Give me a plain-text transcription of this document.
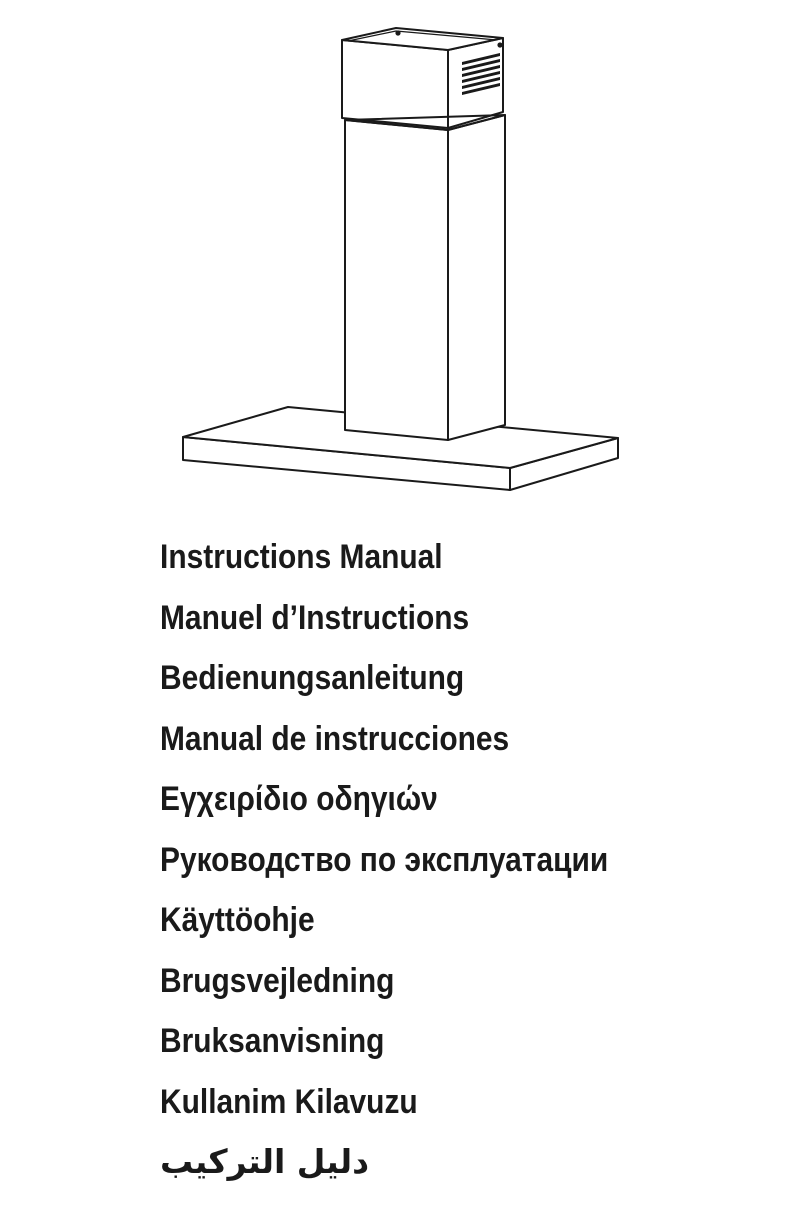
Instructions Manual
Manuel d’Instructions
Bedienungsanleitung
Manual de instrucciones
Εγχειρίδιο οδηγιών
Руководство по эксплуатации
Käyttöohje
Brugsvejledning
Bruksanvisning
Kullanim Kilavuzu
دليل التركيب
